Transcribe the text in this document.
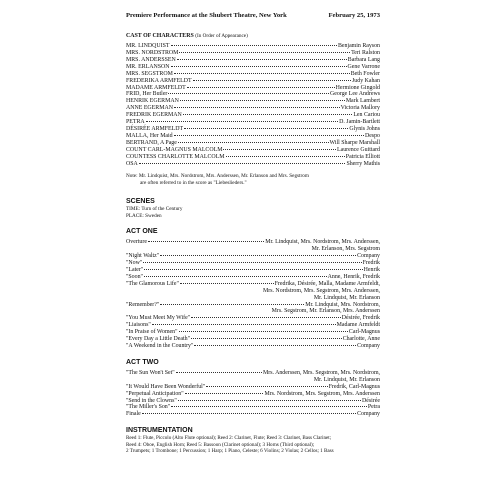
Premiere Performance at the Shubert Theatre, New York	February 25, 1973
CAST OF CHARACTERS (In Order of Appearance)
MR. LINDQUIST	Benjamin Rayson
MRS. NORDSTROM	Teri Ralston
MRS. ANDERSSEN	Barbara Lang
MR. ERLANSON	Gene Varrone
MRS. SEGSTROM	Beth Fowler
FREDERIKA ARMFELDT	Judy Kahan
MADAME ARMFELDT	Hermione Gingold
FRID, Her Butler	George Lee Andrews
HENRIK EGERMAN	Mark Lambert
ANNE EGERMAN	Victoria Mallory
FREDRIK EGERMAN	Len Cariou
PETRA	D. Jamin-Bartlett
DÉSIRÉE ARMFELDT	Glynis Johns
MALLA, Her Maid	Despo
BERTRAND, A Page	Will Sharpe Marshall
COUNT CARL-MAGNUS MALCOLM	Laurence Guittard
COUNTESS CHARLOTTE MALCOLM	Patricia Elliott
OSA	Sherry Mathis
Note: Mr. Lindquist, Mrs. Nordstrom, Mrs. Anderssen, Mr. Erlanson and Mrs. Segstrom
are often referred to in the score as "Liebeslieders."
SCENES
TIME: Turn of the Century
PLACE: Sweden
ACT ONE
Overture	Mr. Lindquist, Mrs. Nordstrom, Mrs. Anderssen,
Mr. Erlanson, Mrs. Segstrom
"Night Waltz"	Company
"Now"	Fredrik
"Later"	Henrik
"Soon"	Anne, Henrik, Fredrik
"The Glamorous Life"	Fredrika, Désirée, Malla, Madame Armfeldt,
Mrs. Nordstrom, Mrs. Segstrom, Mrs. Anderssen,
Mr. Lindquist, Mr. Erlanson
"Remember?"	Mr. Lindquist, Mrs. Nordstrom,
Mrs. Segstrom, Mr. Erlanson, Mrs. Anderssen
"You Must Meet My Wife"	Désirée, Fredrik
"Liaisons"	Madame Armfeldt
"In Praise of Women"	Carl-Magnus
"Every Day a Little Death"	Charlotte, Anne
"A Weekend in the Country"	Company
ACT TWO
"The Sun Won't Set"	Mrs. Anderssen, Mrs. Segstrom, Mrs. Nordstrom,
Mr. Lindquist, Mr. Erlanson
"It Would Have Been Wonderful"	Fredrik, Carl-Magnus
"Perpetual Anticipation"	Mrs. Nordstrom, Mrs. Segstrom, Mrs. Anderssen
"Send in the Clowns"	Désirée
"The Miller's Son"	Petra
Finale	Company
INSTRUMENTATION
Reed 1: Flute, Piccolo (Alto Flute optional); Reed 2: Clarinet, Flute; Reed 3: Clarinet, Bass Clarinet;
Reed 4: Oboe, English Horn; Reed 5: Bassoon (Clarinet optional); 3 Horns (Third optional);
2 Trumpets; 1 Trombone; 1 Percussion; 1 Harp; 1 Piano, Celeste; 6 Violins; 2 Violas; 2 Cellos; 1 Bass
